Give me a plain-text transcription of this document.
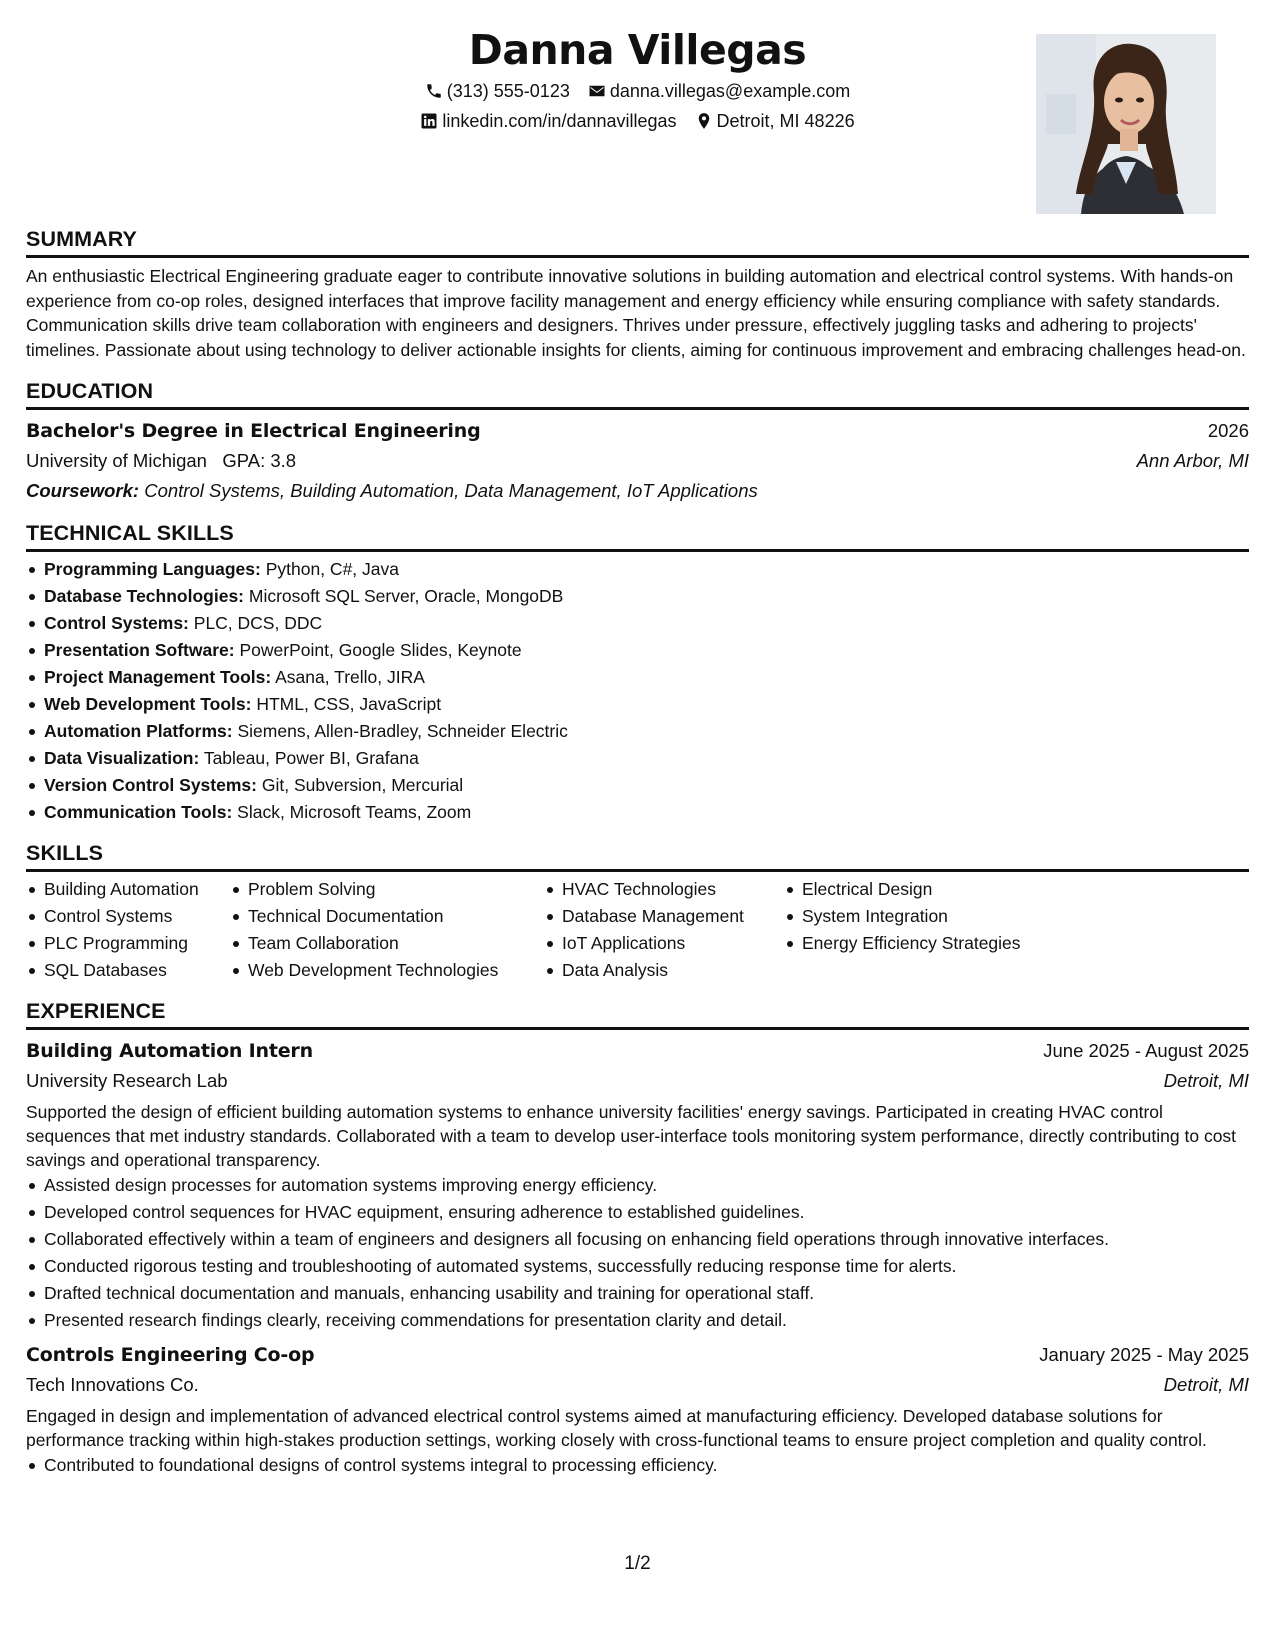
Danna Villegas
(313) 555-0123 danna.villegas@example.com
linkedin.com/in/dannavillegas Detroit, MI 48226
SUMMARY

An enthusiastic Electrical Engineering graduate eager to contribute innovative solutions in building automation and electrical control systems. With hands-on experience from co-op roles, designed interfaces that improve facility management and energy efficiency while ensuring compliance with safety standards. Communication skills drive team collaboration with engineers and designers. Thrives under pressure, effectively juggling tasks and adhering to projects' timelines. Passionate about using technology to deliver actionable insights for clients, aiming for continuous improvement and embracing challenges head-on.

EDUCATION
Bachelor's Degree in Electrical Engineering	2026
University of Michigan GPA: 3.8	Ann Arbor, MI
Coursework: Control Systems, Building Automation, Data Management, IoT Applications
TECHNICAL SKILLS
Programming Languages: Python, C#, Java
Database Technologies: Microsoft SQL Server, Oracle, MongoDB
Control Systems: PLC, DCS, DDC
Presentation Software: PowerPoint, Google Slides, Keynote
Project Management Tools: Asana, Trello, JIRA
Web Development Tools: HTML, CSS, JavaScript
Automation Platforms: Siemens, Allen-Bradley, Schneider Electric
Data Visualization: Tableau, Power BI, Grafana
Version Control Systems: Git, Subversion, Mercurial
Communication Tools: Slack, Microsoft Teams, Zoom
SKILLS
Building Automation
Control Systems
PLC Programming
SQL Databases
Problem Solving
Technical Documentation
Team Collaboration
Web Development Technologies
HVAC Technologies
Database Management
IoT Applications
Data Analysis
Electrical Design
System Integration
Energy Efficiency Strategies
EXPERIENCE
Building Automation Intern	June 2025 - August 2025
University Research Lab	Detroit, MI

Supported the design of efficient building automation systems to enhance university facilities' energy savings. Participated in creating HVAC control sequences that met industry standards. Collaborated with a team to develop user-interface tools monitoring system performance, directly contributing to cost savings and operational transparency.

Assisted design processes for automation systems improving energy efficiency.
Developed control sequences for HVAC equipment, ensuring adherence to established guidelines.
Collaborated effectively within a team of engineers and designers all focusing on enhancing field operations through innovative interfaces.
Conducted rigorous testing and troubleshooting of automated systems, successfully reducing response time for alerts.
Drafted technical documentation and manuals, enhancing usability and training for operational staff.
Presented research findings clearly, receiving commendations for presentation clarity and detail.
Controls Engineering Co-op	January 2025 - May 2025
Tech Innovations Co.	Detroit, MI

Engaged in design and implementation of advanced electrical control systems aimed at manufacturing efficiency. Developed database solutions for performance tracking within high-stakes production settings, working closely with cross-functional teams to ensure project completion and quality control.

Contributed to foundational designs of control systems integral to processing efficiency.
1/2
